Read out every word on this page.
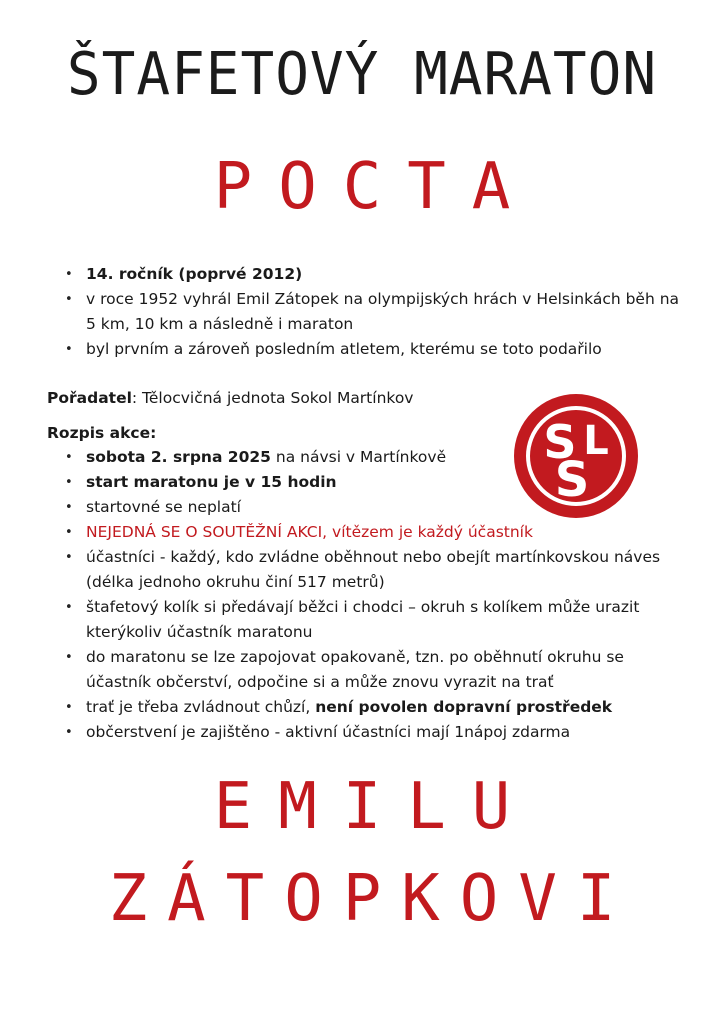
ŠTAFETOVÝ MARATON
POCTA
• 14. ročník (poprvé 2012)
• v roce 1952 vyhrál Emil Zátopek na olympijských hrách v Helsinkách běh na 5 km, 10 km a následně i maraton
• byl prvním a zároveň posledním atletem, kterému se toto podařilo
Pořadatel: Tělocvičná jednota Sokol Martínkov
Rozpis akce:
• sobota 2. srpna 2025 na návsi v Martínkově
• start maratonu je v 15 hodin
• startovné se neplatí
• NEJEDNÁ SE O SOUTĚŽNÍ AKCI, vítězem je každý účastník
• účastníci - každý, kdo zvládne oběhnout nebo obejít martínkovskou náves (délka jednoho okruhu činí 517 metrů)
• štafetový kolík si předávají běžci i chodci – okruh s kolíkem může urazit kterýkoliv účastník maratonu
• do maratonu se lze zapojovat opakovaně, tzn. po oběhnutí okruhu se účastník občerství, odpočine si a může znovu vyrazit na trať
• trať je třeba zvládnout chůzí, není povolen dopravní prostředek
• občerstvení je zajištěno - aktivní účastníci mají 1nápoj zdarma
S L
S
EMILU
ZÁTOPKOVI
